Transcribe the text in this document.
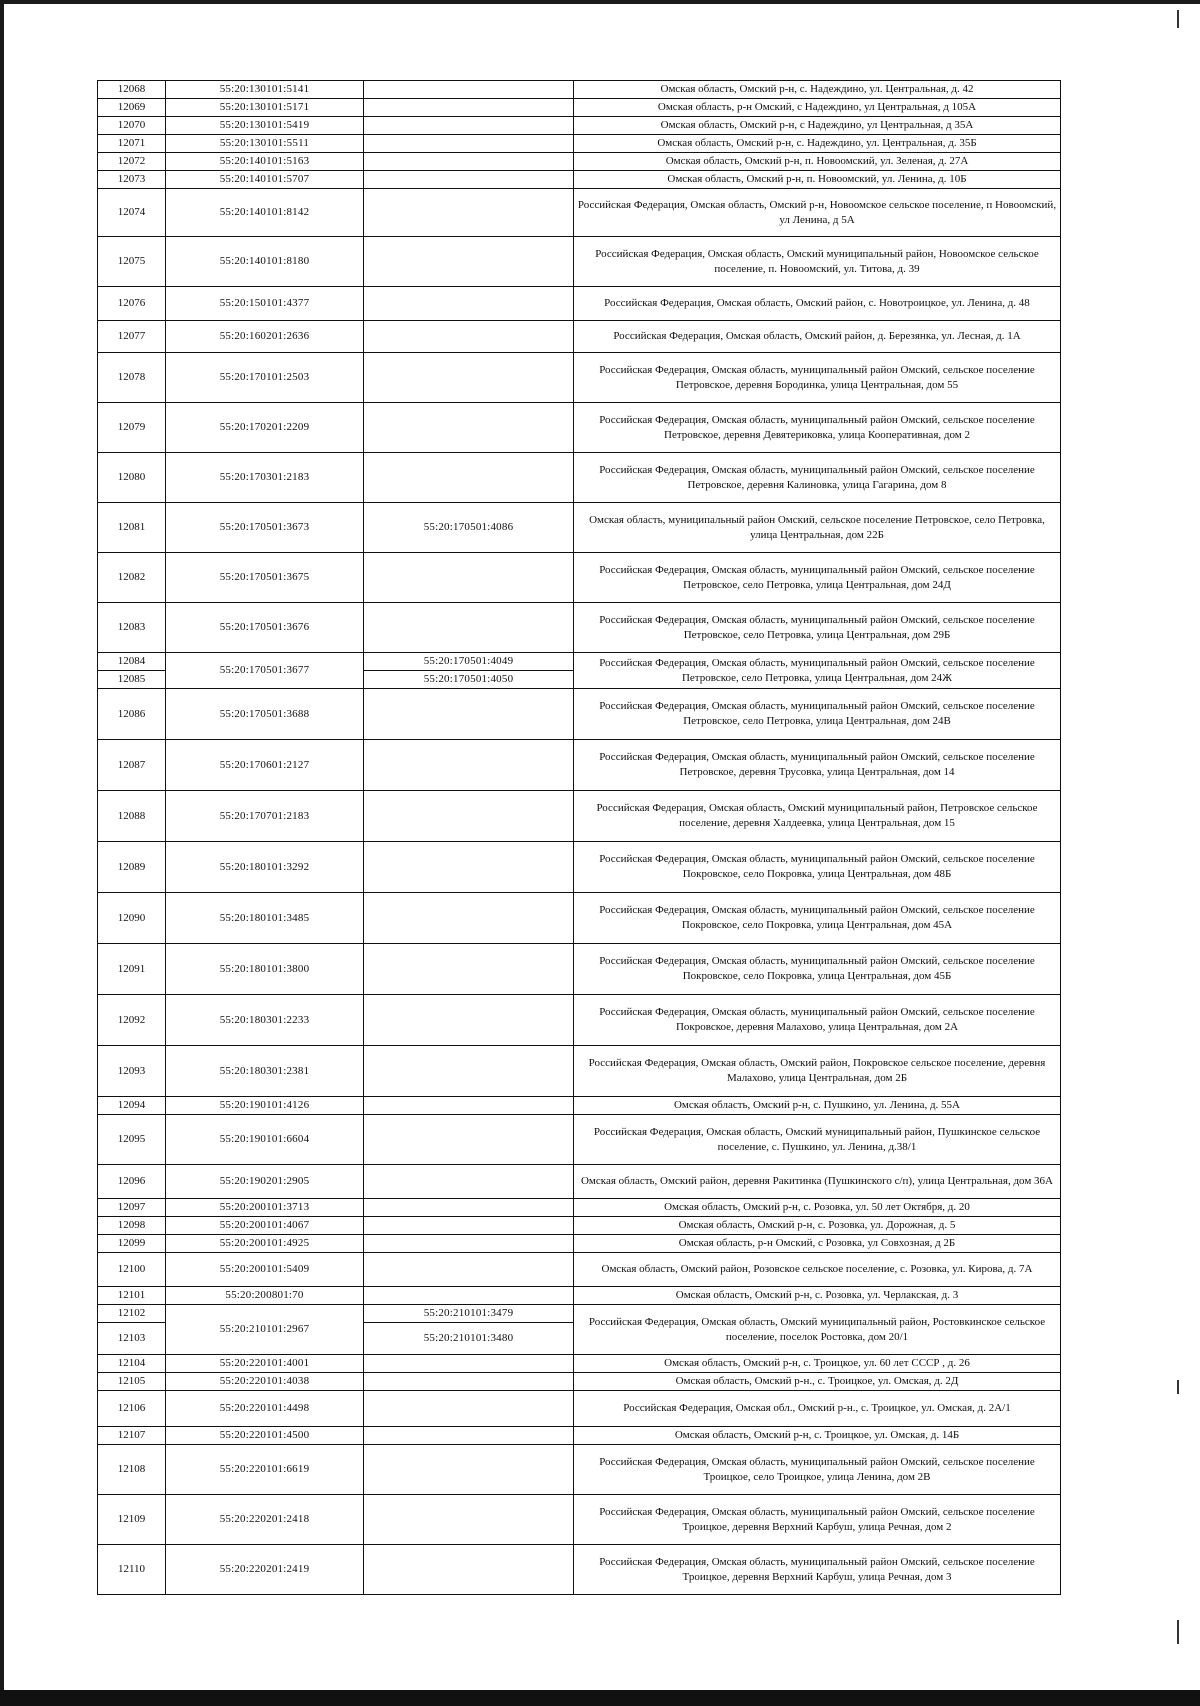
12068	55:20:130101:5141		Омская область, Омский р-н, с. Надеждино, ул. Центральная, д. 42
12069	55:20:130101:5171		Омская область, р-н Омский, с Надеждино, ул Центральная, д 105А
12070	55:20:130101:5419		Омская область, Омский р-н, с Надеждино, ул Центральная, д 35А
12071	55:20:130101:5511		Омская область, Омский р-н, с. Надеждино, ул. Центральная, д. 35Б
12072	55:20:140101:5163		Омская область, Омский р-н, п. Новоомский, ул. Зеленая, д. 27А
12073	55:20:140101:5707		Омская область, Омский р-н, п. Новоомский, ул. Ленина, д. 10Б
12074	55:20:140101:8142		Российская Федерация, Омская область, Омский р-н, Новоомское сельское поселение, п Новоомский, ул Ленина, д 5А
12075	55:20:140101:8180		Российская Федерация, Омская область, Омский муниципальный район, Новоомское сельское поселение, п. Новоомский, ул. Титова, д. 39
12076	55:20:150101:4377		Российская Федерация, Омская область, Омский район, с. Новотроицкое, ул. Ленина, д. 48
12077	55:20:160201:2636		Российская Федерация, Омская область, Омский район, д. Березянка, ул. Лесная, д. 1А
12078	55:20:170101:2503		Российская Федерация, Омская область, муниципальный район Омский, сельское поселение Петровское, деревня Бородинка, улица Центральная, дом 55
12079	55:20:170201:2209		Российская Федерация, Омская область, муниципальный район Омский, сельское поселение Петровское, деревня Девятериковка, улица Кооперативная, дом 2
12080	55:20:170301:2183		Российская Федерация, Омская область, муниципальный район Омский, сельское поселение Петровское, деревня Калиновка, улица Гагарина, дом 8
12081	55:20:170501:3673	55:20:170501:4086	Омская область, муниципальный район Омский, сельское поселение Петровское, село Петровка, улица Центральная, дом 22Б
12082	55:20:170501:3675		Российская Федерация, Омская область, муниципальный район Омский, сельское поселение Петровское, село Петровка, улица Центральная, дом 24Д
12083	55:20:170501:3676		Российская Федерация, Омская область, муниципальный район Омский, сельское поселение Петровское, село Петровка, улица Центральная, дом 29Б
12084	55:20:170501:3677	55:20:170501:4049	Российская Федерация, Омская область, муниципальный район Омский, сельское поселение Петровское, село Петровка, улица Центральная, дом 24Ж
12085		55:20:170501:4050	
12086	55:20:170501:3688		Российская Федерация, Омская область, муниципальный район Омский, сельское поселение Петровское, село Петровка, улица Центральная, дом 24В
12087	55:20:170601:2127		Российская Федерация, Омская область, муниципальный район Омский, сельское поселение Петровское, деревня Трусовка, улица Центральная, дом 14
12088	55:20:170701:2183		Российская Федерация, Омская область, Омский муниципальный район, Петровское сельское поселение, деревня Халдеевка, улица Центральная, дом 15
12089	55:20:180101:3292		Российская Федерация, Омская область, муниципальный район Омский, сельское поселение Покровское, село Покровка, улица Центральная, дом 48Б
12090	55:20:180101:3485		Российская Федерация, Омская область, муниципальный район Омский, сельское поселение Покровское, село Покровка, улица Центральная, дом 45А
12091	55:20:180101:3800		Российская Федерация, Омская область, муниципальный район Омский, сельское поселение Покровское, село Покровка, улица Центральная, дом 45Б
12092	55:20:180301:2233		Российская Федерация, Омская область, муниципальный район Омский, сельское поселение Покровское, деревня Малахово, улица Центральная, дом 2А
12093	55:20:180301:2381		Российская Федерация, Омская область, Омский район, Покровское сельское поселение, деревня Малахово, улица Центральная, дом 2Б
12094	55:20:190101:4126		Омская область, Омский р-н, с. Пушкино, ул. Ленина, д. 55А
12095	55:20:190101:6604		Российская Федерация, Омская область, Омский муниципальный район, Пушкинское сельское поселение, с. Пушкино, ул. Ленина, д.38/1
12096	55:20:190201:2905		Омская область, Омский район, деревня Ракитинка (Пушкинского с/п), улица Центральная, дом 36А
12097	55:20:200101:3713		Омская область, Омский р-н, с. Розовка, ул. 50 лет Октября, д. 20
12098	55:20:200101:4067		Омская область, Омский р-н, с. Розовка, ул. Дорожная, д. 5
12099	55:20:200101:4925		Омская область, р-н Омский, с Розовка, ул Совхозная, д 2Б
12100	55:20:200101:5409		Омская область, Омский район, Розовское сельское поселение, с. Розовка, ул. Кирова, д. 7А
12101	55:20:200801:70		Омская область, Омский р-н, с. Розовка, ул. Черлакская, д. 3
12102	55:20:210101:2967	55:20:210101:3479	Российская Федерация, Омская область, Омский муниципальный район, Ростовкинское сельское поселение, поселок Ростовка, дом 20/1
12103		55:20:210101:3480	
12104	55:20:220101:4001		Омская область, Омский р-н, с. Троицкое, ул. 60 лет СССР , д. 26
12105	55:20:220101:4038		Омская область, Омский р-н., с. Троицкое, ул. Омская, д. 2Д
12106	55:20:220101:4498		Российская Федерация, Омская обл., Омский р-н., с. Троицкое, ул. Омская, д. 2А/1
12107	55:20:220101:4500		Омская область, Омский р-н, с. Троицкое, ул. Омская, д. 14Б
12108	55:20:220101:6619		Российская Федерация, Омская область, муниципальный район Омский, сельское поселение Троицкое, село Троицкое, улица Ленина, дом 2В
12109	55:20:220201:2418		Российская Федерация, Омская область, муниципальный район Омский, сельское поселение Троицкое, деревня Верхний Карбуш, улица Речная, дом 2
12110	55:20:220201:2419		Российская Федерация, Омская область, муниципальный район Омский, сельское поселение Троицкое, деревня Верхний Карбуш, улица Речная, дом 3
